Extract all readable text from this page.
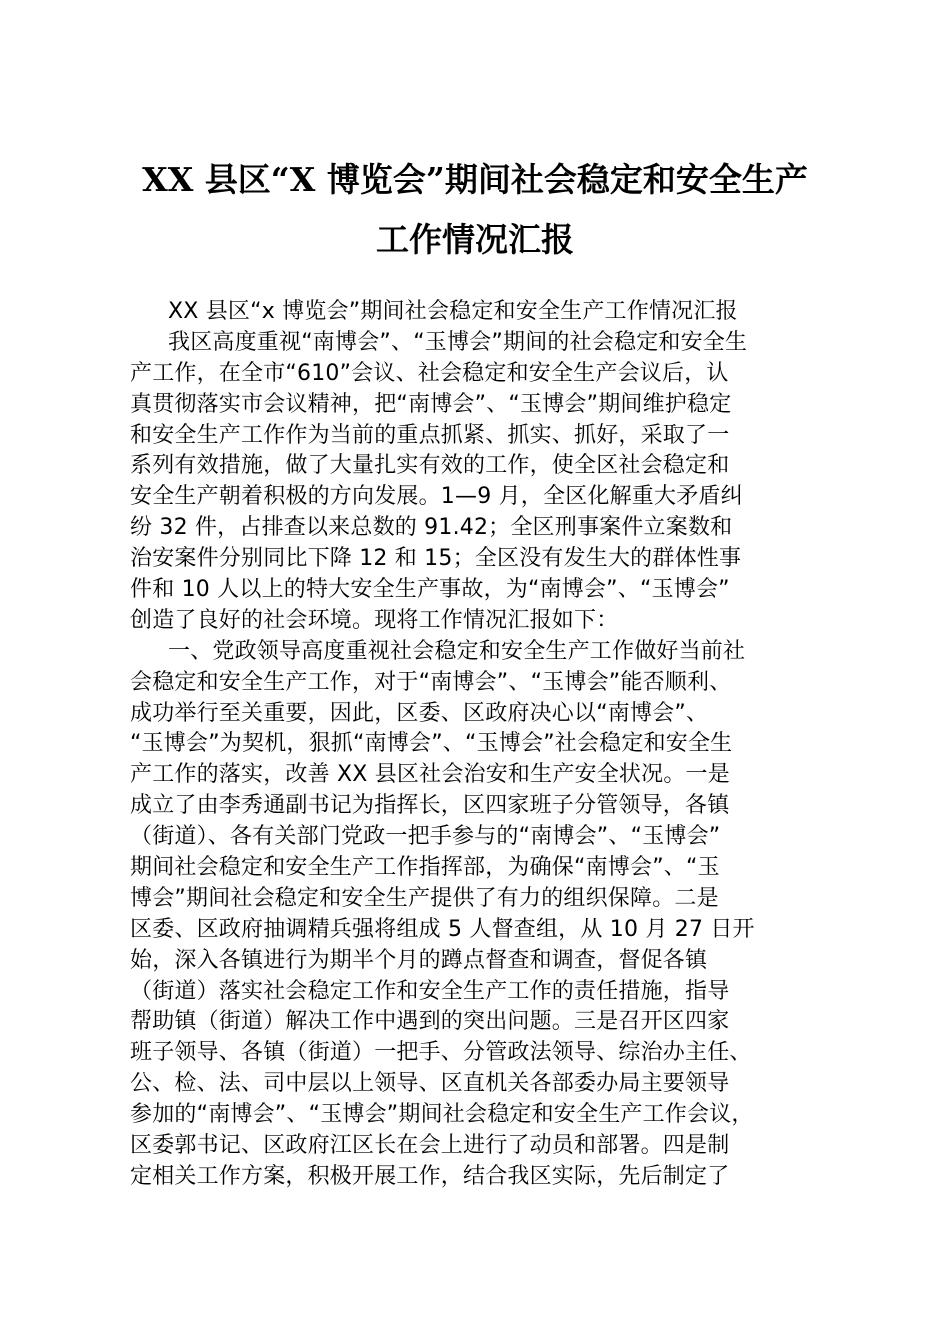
XX 县区“X 博览会”期间社会稳定和安全生产
工作情况汇报
XX 县区“x 博览会”期间社会稳定和安全生产工作情况汇报
我区高度重视“南博会”、“玉博会”期间的社会稳定和安全生
产工作，在全市“610”会议、社会稳定和安全生产会议后，认
真贯彻落实市会议精神，把“南博会”、“玉博会”期间维护稳定
和安全生产工作作为当前的重点抓紧、抓实、抓好，采取了一
系列有效措施，做了大量扎实有效的工作，使全区社会稳定和
安全生产朝着积极的方向发展。1—9 月，全区化解重大矛盾纠
纷 32 件，占排查以来总数的 91.42；全区刑事案件立案数和
治安案件分别同比下降 12 和 15；全区没有发生大的群体性事
件和 10 人以上的特大安全生产事故，为“南博会”、“玉博会”
创造了良好的社会环境。现将工作情况汇报如下：
一、党政领导高度重视社会稳定和安全生产工作做好当前社
会稳定和安全生产工作，对于“南博会”、“玉博会”能否顺利、
成功举行至关重要，因此，区委、区政府决心以“南博会”、
“玉博会”为契机，狠抓“南博会”、“玉博会”社会稳定和安全生
产工作的落实，改善 XX 县区社会治安和生产安全状况。一是
成立了由李秀通副书记为指挥长，区四家班子分管领导，各镇
（街道）、各有关部门党政一把手参与的“南博会”、“玉博会”
期间社会稳定和安全生产工作指挥部，为确保“南博会”、“玉
博会”期间社会稳定和安全生产提供了有力的组织保障。二是
区委、区政府抽调精兵强将组成 5 人督查组，从 10 月 27 日开
始，深入各镇进行为期半个月的蹲点督查和调查，督促各镇
（街道）落实社会稳定工作和安全生产工作的责任措施，指导
帮助镇（街道）解决工作中遇到的突出问题。三是召开区四家
班子领导、各镇（街道）一把手、分管政法领导、综治办主任、
公、检、法、司中层以上领导、区直机关各部委办局主要领导
参加的“南博会”、“玉博会”期间社会稳定和安全生产工作会议，
区委郭书记、区政府江区长在会上进行了动员和部署。四是制
定相关工作方案，积极开展工作，结合我区实际，先后制定了
